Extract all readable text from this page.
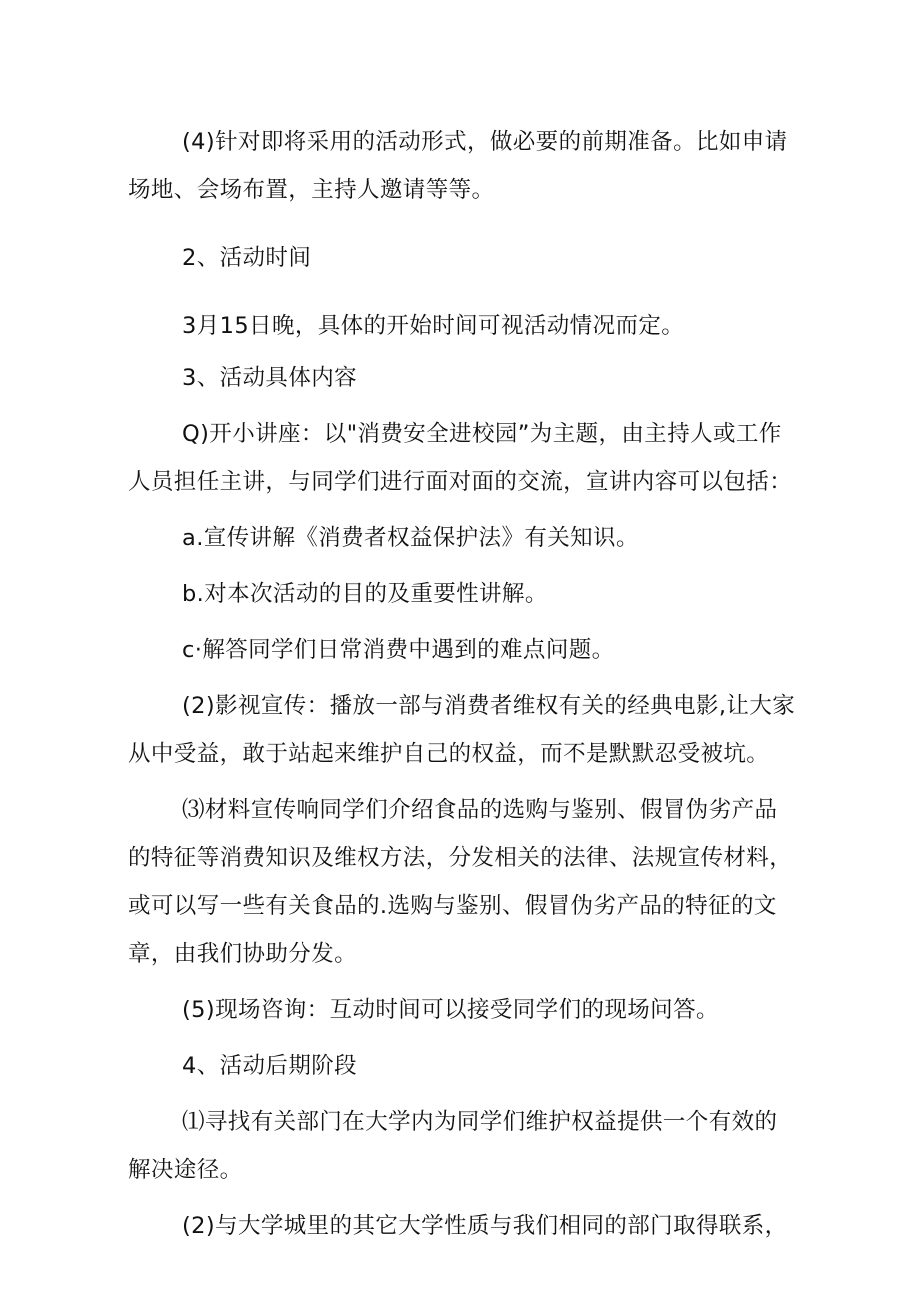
(4)针对即将采用的活动形式，做必要的前期准备。比如申请场地、会场布置，主持人邀请等等。

2、活动时间

3月15日晚，具体的开始时间可视活动情况而定。

3、活动具体内容

Q)开小讲座：以"消费安全进校园”为主题，由主持人或工作人员担任主讲，与同学们进行面对面的交流，宣讲内容可以包括：

a.宣传讲解《消费者权益保护法》有关知识。

b.对本次活动的目的及重要性讲解。

c·解答同学们日常消费中遇到的难点问题。

(2)影视宣传：播放一部与消费者维权有关的经典电影,让大家从中受益，敢于站起来维护自己的权益，而不是默默忍受被坑。

⑶材料宣传响同学们介绍食品的选购与鉴别、假冒伪劣产品的特征等消费知识及维权方法，分发相关的法律、法规宣传材料，或可以写一些有关食品的.选购与鉴别、假冒伪劣产品的特征的文章，由我们协助分发。

(5)现场咨询：互动时间可以接受同学们的现场问答。

4、活动后期阶段

⑴寻找有关部门在大学内为同学们维护权益提供一个有效的解决途径。

(2)与大学城里的其它大学性质与我们相同的部门取得联系，
